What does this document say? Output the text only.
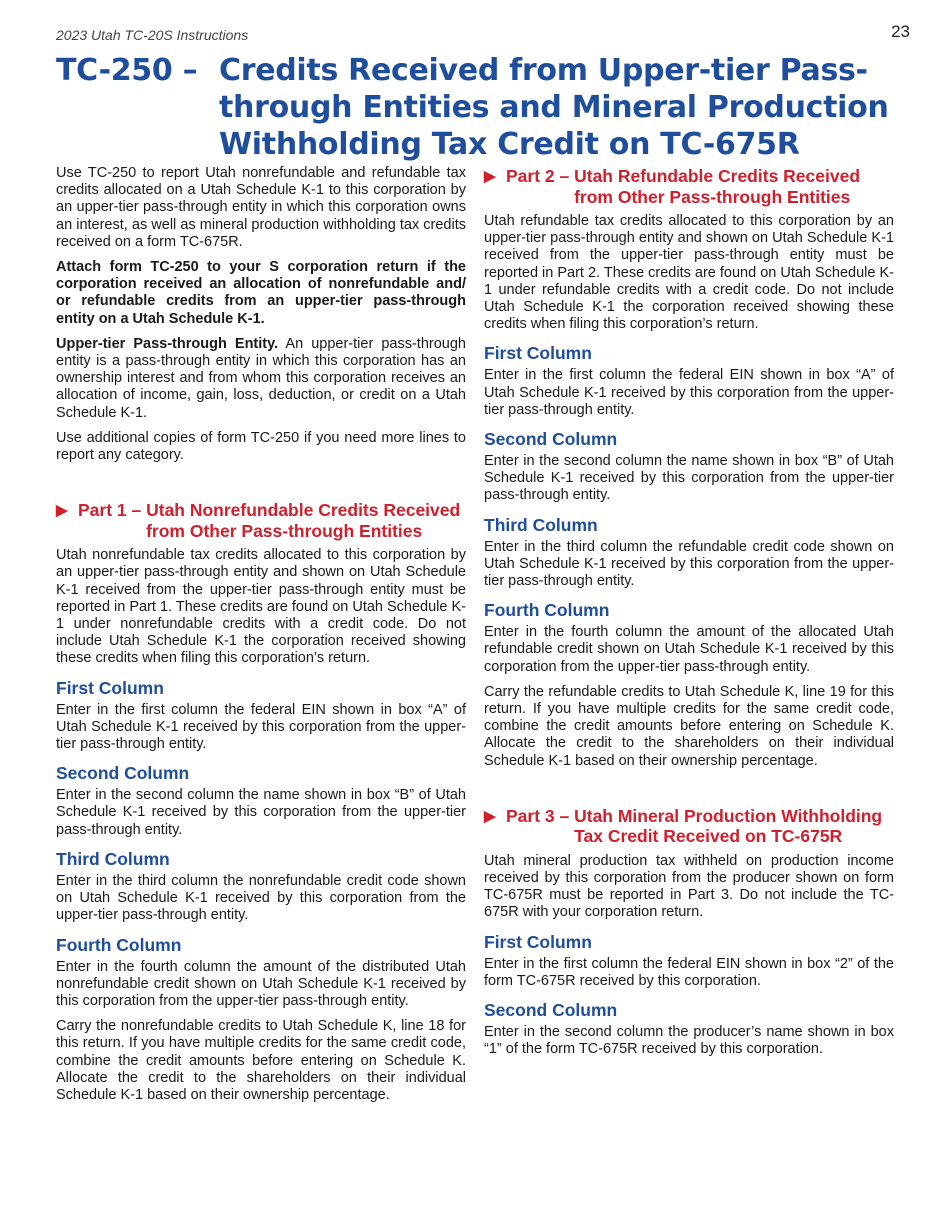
2023 Utah TC-20S Instructions	23
TC-250 – Credits Received from Upper-tier Pass-
through Entities and Mineral Production
Withholding Tax Credit on TC-675R

Use TC-250 to report Utah nonrefundable and refundable tax credits allocated on a Utah Schedule K-1 to this corporation by an upper-tier pass-through entity in which this corporation owns an interest, as well as mineral production withholding tax credits received on a form TC-675R.

Attach form TC-250 to your S corporation return if the corporation received an allocation of nonrefundable and/ or refundable credits from an upper-tier pass-through entity on a Utah Schedule K-1.

Upper-tier Pass-through Entity. An upper-tier pass-through entity is a pass-through entity in which this corporation has an ownership interest and from whom this corporation receives an allocation of income, gain, loss, deduction, or credit on a Utah Schedule K-1.

Use additional copies of form TC-250 if you need more lines to report any category.

▶ Part 1 – Utah Nonrefundable Credits Received from Other Pass-through Entities

Utah nonrefundable tax credits allocated to this corporation by an upper-tier pass-through entity and shown on Utah Schedule K-1 received from the upper-tier pass-through entity must be reported in Part 1. These credits are found on Utah Schedule K-1 under nonrefundable credits with a credit code. Do not include Utah Schedule K-1 the corporation received showing these credits when filing this corporation’s return.

First Column

Enter in the first column the federal EIN shown in box “A” of Utah Schedule K-1 received by this corporation from the upper-tier pass-through entity.

Second Column

Enter in the second column the name shown in box “B” of Utah Schedule K-1 received by this corporation from the upper-tier pass-through entity.

Third Column

Enter in the third column the nonrefundable credit code shown on Utah Schedule K-1 received by this corporation from the upper-tier pass-through entity.

Fourth Column

Enter in the fourth column the amount of the distributed Utah nonrefundable credit shown on Utah Schedule K-1 received by this corporation from the upper-tier pass-through entity.

Carry the nonrefundable credits to Utah Schedule K, line 18 for this return. If you have multiple credits for the same credit code, combine the credit amounts before entering on Schedule K. Allocate the credit to the shareholders on their individual Schedule K-1 based on their ownership percentage.

▶ Part 2 – Utah Refundable Credits Received from Other Pass-through Entities

Utah refundable tax credits allocated to this corporation by an upper-tier pass-through entity and shown on Utah Schedule K-1 received from the upper-tier pass-through entity must be reported in Part 2. These credits are found on Utah Schedule K-1 under refundable credits with a credit code. Do not include Utah Schedule K-1 the corporation received showing these credits when filing this corporation’s return.

First Column

Enter in the first column the federal EIN shown in box “A” of Utah Schedule K-1 received by this corporation from the upper-tier pass-through entity.

Second Column

Enter in the second column the name shown in box “B” of Utah Schedule K-1 received by this corporation from the upper-tier pass-through entity.

Third Column

Enter in the third column the refundable credit code shown on Utah Schedule K-1 received by this corporation from the upper-tier pass-through entity.

Fourth Column

Enter in the fourth column the amount of the allocated Utah refundable credit shown on Utah Schedule K-1 received by this corporation from the upper-tier pass-through entity.

Carry the refundable credits to Utah Schedule K, line 19 for this return. If you have multiple credits for the same credit code, combine the credit amounts before entering on Schedule K. Allocate the credit to the shareholders on their individual Schedule K-1 based on their ownership percentage.

▶ Part 3 – Utah Mineral Production Withholding Tax Credit Received on TC-675R

Utah mineral production tax withheld on production income received by this corporation from the producer shown on form TC-675R must be reported in Part 3. Do not include the TC-675R with your corporation return.

First Column

Enter in the first column the federal EIN shown in box “2” of the form TC-675R received by this corporation.

Second Column

Enter in the second column the producer’s name shown in box “1” of the form TC-675R received by this corporation.
